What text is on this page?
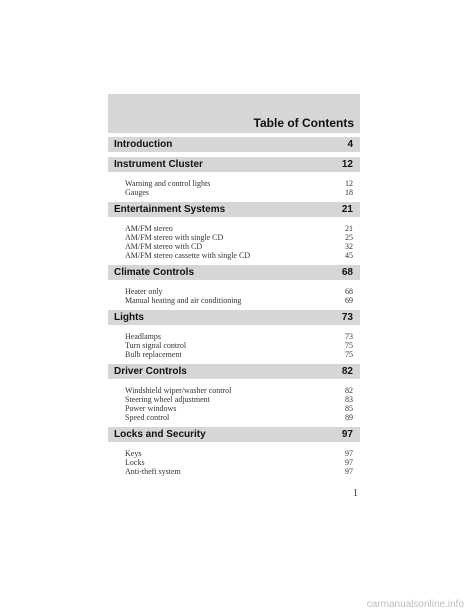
Table of Contents
Introduction	4
Instrument Cluster	12
Warning and control lights	12
Gauges	18
Entertainment Systems	21
AM/FM stereo	21
AM/FM stereo with single CD	25
AM/FM stereo with CD	32
AM/FM stereo cassette with single CD	45
Climate Controls	68
Heater only	68
Manual heating and air conditioning	69
Lights	73
Headlamps	73
Turn signal control	75
Bulb replacement	75
Driver Controls	82
Windshield wiper/washer control	82
Steering wheel adjustment	83
Power windows	85
Speed control	89
Locks and Security	97
Keys	97
Locks	97
Anti-theft system	97
1
carmanualsonline.info
